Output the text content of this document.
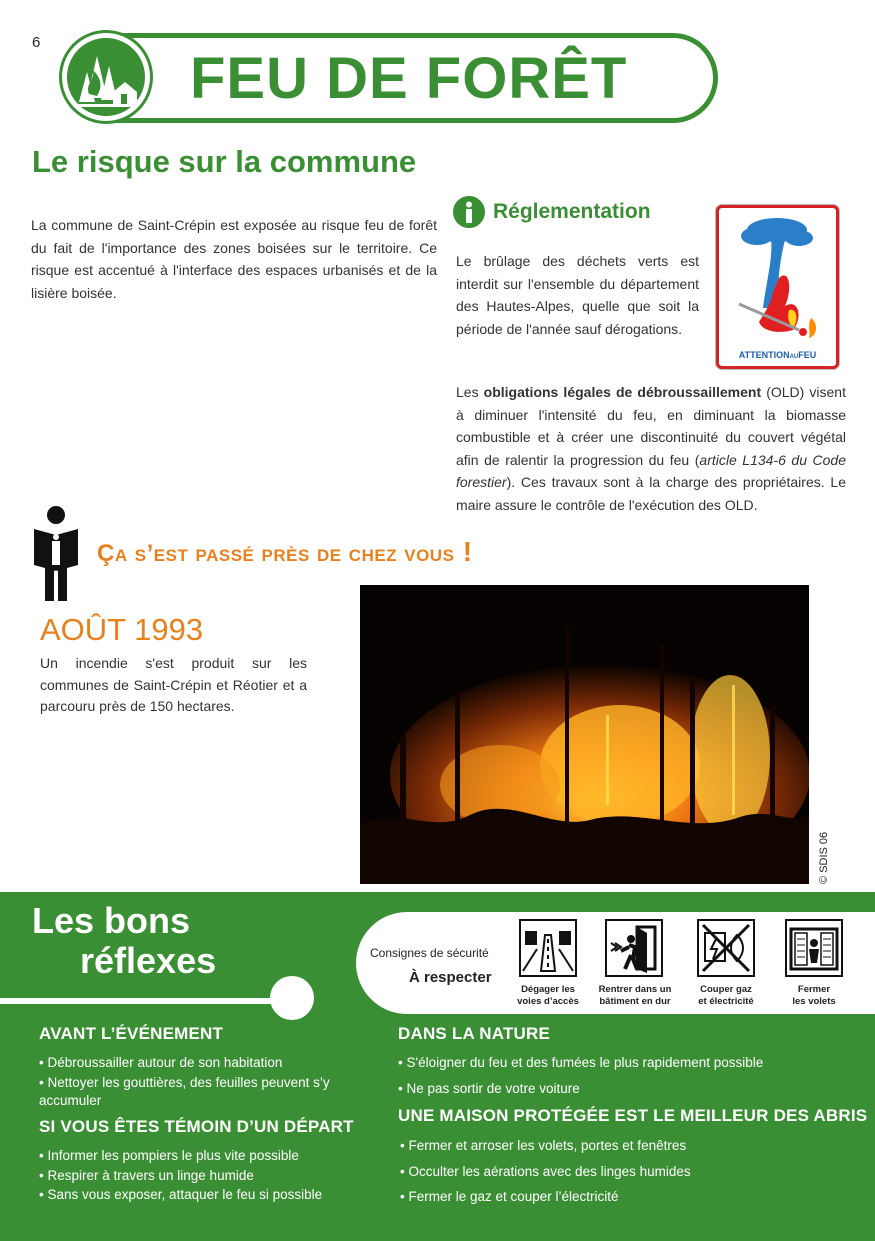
6
FEU DE FORÊT
Le risque sur la commune

La commune de Saint-Crépin est exposée au risque feu de forêt du fait de l'importance des zones boisées sur le territoire. Ce risque est accentué à l'interface des espaces urbanisés et de la lisière boisée.

Réglementation

Le brûlage des déchets verts est interdit sur l'ensemble du département des Hautes-Alpes, quelle que soit la période de l'année sauf dérogations.

ATTENTIONAUFEU

Les obligations légales de débroussaillement (OLD) visent à diminuer l'intensité du feu, en diminuant la biomasse combustible et à créer une discontinuité du couvert végétal afin de ralentir la progression du feu (article L134-6 du Code forestier). Ces travaux sont à la charge des propriétaires. Le maire assure le contrôle de l'exécution des OLD.

Ça s’est passé près de chez vous !
AOÛT 1993

Un incendie s'est produit sur les communes de Saint-Crépin et Réotier et a parcouru près de 150 hectares.

© SDIS 06
Les bons
réflexes	Consignes de sécurité
À respecter
Dégager les
voies d’accès
Rentrer dans un
bâtiment en dur
Couper gaz
et électricité
Fermer
les volets
AVANT L’ÉVÉNEMENT
• Débroussailler autour de son habitation
• Nettoyer les gouttières, des feuilles peuvent s’y accumuler
SI VOUS ÊTES TÉMOIN D’UN DÉPART
• Informer les pompiers le plus vite possible
• Respirer à travers un linge humide
• Sans vous exposer, attaquer le feu si possible
DANS LA NATURE
• S'éloigner du feu et des fumées le plus rapidement possible
• Ne pas sortir de votre voiture
UNE MAISON PROTÉGÉE EST LE MEILLEUR DES ABRIS
• Fermer et arroser les volets, portes et fenêtres
• Occulter les aérations avec des linges humides
• Fermer le gaz et couper l’électricité
